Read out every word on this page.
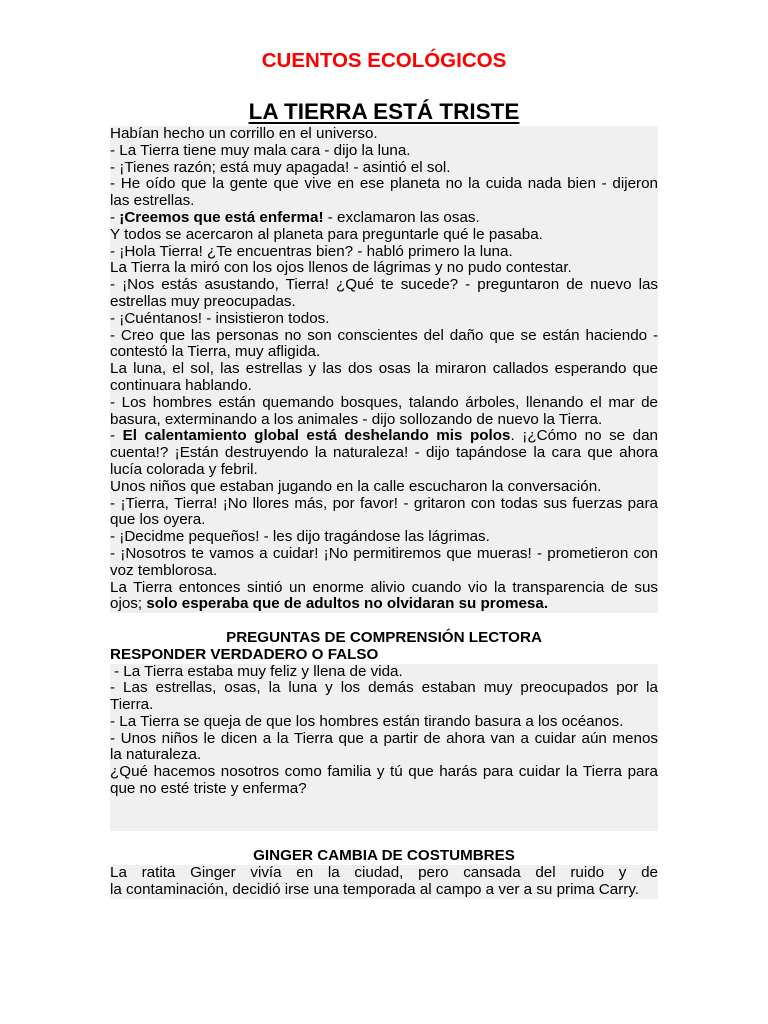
CUENTOS ECOLÓGICOS
LA TIERRA ESTÁ TRISTE
Habían hecho un corrillo en el universo.
- La Tierra tiene muy mala cara - dijo la luna.
- ¡Tienes razón; está muy apagada! - asintió el sol.
- He oído que la gente que vive en ese planeta no la cuida nada bien - dijeron
las estrellas.
- ¡Creemos que está enferma! - exclamaron las osas.
Y todos se acercaron al planeta para preguntarle qué le pasaba.
- ¡Hola Tierra! ¿Te encuentras bien? - habló primero la luna.
La Tierra la miró con los ojos llenos de lágrimas y no pudo contestar.
- ¡Nos estás asustando, Tierra! ¿Qué te sucede? - preguntaron de nuevo las
estrellas muy preocupadas.
- ¡Cuéntanos! - insistieron todos.
- Creo que las personas no son conscientes del daño que se están haciendo -
contestó la Tierra, muy afligida.
La luna, el sol, las estrellas y las dos osas la miraron callados esperando que
continuara hablando.
- Los hombres están quemando bosques, talando árboles, llenando el mar de
basura, exterminando a los animales - dijo sollozando de nuevo la Tierra.
- El calentamiento global está deshelando mis polos. ¡¿Cómo no se dan
cuenta!? ¡Están destruyendo la naturaleza! - dijo tapándose la cara que ahora
lucía colorada y febril.
Unos niños que estaban jugando en la calle escucharon la conversación.
- ¡Tierra, Tierra! ¡No llores más, por favor! - gritaron con todas sus fuerzas para
que los oyera.
- ¡Decidme pequeños! - les dijo tragándose las lágrimas.
- ¡Nosotros te vamos a cuidar! ¡No permitiremos que mueras! - prometieron con
voz temblorosa.
La Tierra entonces sintió un enorme alivio cuando vio la transparencia de sus
ojos; solo esperaba que de adultos no olvidaran su promesa.
PREGUNTAS DE COMPRENSIÓN LECTORA
RESPONDER VERDADERO O FALSO
- La Tierra estaba muy feliz y llena de vida.
- Las estrellas, osas, la luna y los demás estaban muy preocupados por la
Tierra.
- La Tierra se queja de que los hombres están tirando basura a los océanos.
- Unos niños le dicen a la Tierra que a partir de ahora van a cuidar aún menos
la naturaleza.
¿Qué hacemos nosotros como familia y tú que harás para cuidar la Tierra para
que no esté triste y enferma?
GINGER CAMBIA DE COSTUMBRES
La ratita Ginger vivía en la ciudad, pero cansada del ruido y de
la contaminación, decidió irse una temporada al campo a ver a su prima Carry.
